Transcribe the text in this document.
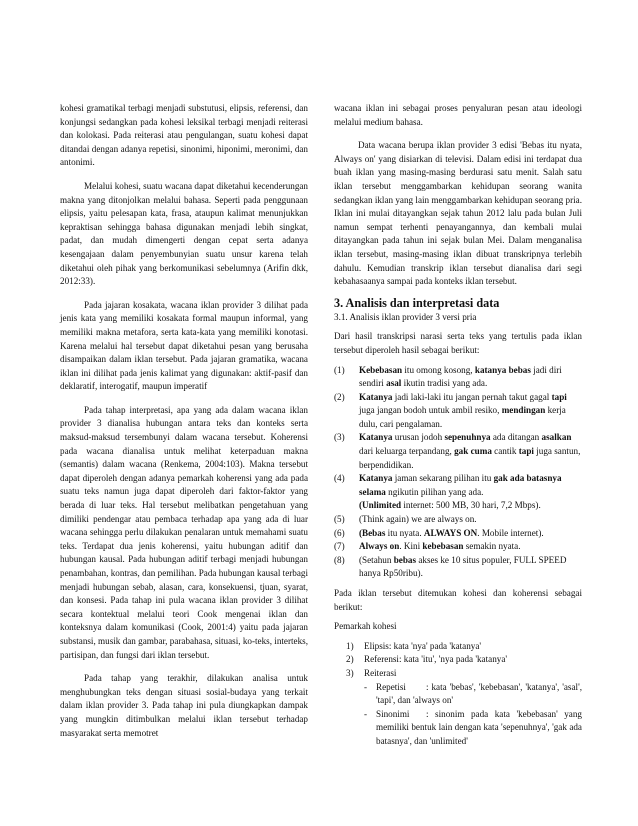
kohesi gramatikal terbagi menjadi substutusi, elipsis, referensi, dan konjungsi sedangkan pada kohesi leksikal terbagi menjadi reiterasi dan kolokasi. Pada reiterasi atau pengulangan, suatu kohesi dapat ditandai dengan adanya repetisi, sinonimi, hiponimi, meronimi, dan antonimi.

Melalui kohesi, suatu wacana dapat diketahui kecenderungan makna yang ditonjolkan melalui bahasa. Seperti pada penggunaan elipsis, yaitu pelesapan kata, frasa, ataupun kalimat menunjukkan kepraktisan sehingga bahasa digunakan menjadi lebih singkat, padat, dan mudah dimengerti dengan cepat serta adanya kesengajaan dalam penyembunyian suatu unsur karena telah diketahui oleh pihak yang berkomunikasi sebelumnya (Arifin dkk, 2012:33).

Pada jajaran kosakata, wacana iklan provider 3 dilihat pada jenis kata yang memiliki kosakata formal maupun informal, yang memiliki makna metafora, serta kata-kata yang memiliki konotasi. Karena melalui hal tersebut dapat diketahui pesan yang berusaha disampaikan dalam iklan tersebut. Pada jajaran gramatika, wacana iklan ini dilihat pada jenis kalimat yang digunakan: aktif-pasif dan deklaratif, interogatif, maupun imperatif

Pada tahap interpretasi, apa yang ada dalam wacana iklan provider 3 dianalisa hubungan antara teks dan konteks serta maksud-maksud tersembunyi dalam wacana tersebut. Koherensi pada wacana dianalisa untuk melihat keterpaduan makna (semantis) dalam wacana (Renkema, 2004:103). Makna tersebut dapat diperoleh dengan adanya pemarkah koherensi yang ada pada suatu teks namun juga dapat diperoleh dari faktor-faktor yang berada di luar teks. Hal tersebut melibatkan pengetahuan yang dimiliki pendengar atau pembaca terhadap apa yang ada di luar wacana sehingga perlu dilakukan penalaran untuk memahami suatu teks. Terdapat dua jenis koherensi, yaitu hubungan aditif dan hubungan kausal. Pada hubungan aditif terbagi menjadi hubungan penambahan, kontras, dan pemilihan. Pada hubungan kausal terbagi menjadi hubungan sebab, alasan, cara, konsekuensi, tjuan, syarat, dan konsesi. Pada tahap ini pula wacana iklan provider 3 dilihat secara kontektual melalui teori Cook mengenai iklan dan konteksnya dalam komunikasi (Cook, 2001:4) yaitu pada jajaran substansi, musik dan gambar, parabahasa, situasi, ko-teks, interteks, partisipan, dan fungsi dari iklan tersebut.

Pada tahap yang terakhir, dilakukan analisa untuk menghubungkan teks dengan situasi sosial-budaya yang terkait dalam iklan provider 3. Pada tahap ini pula diungkapkan dampak yang mungkin ditimbulkan melalui iklan tersebut terhadap masyarakat serta memotret

wacana iklan ini sebagai proses penyaluran pesan atau ideologi melalui medium bahasa.

Data wacana berupa iklan provider 3 edisi 'Bebas itu nyata, Always on' yang disiarkan di televisi. Dalam edisi ini terdapat dua buah iklan yang masing-masing berdurasi satu menit. Salah satu iklan tersebut menggambarkan kehidupan seorang wanita sedangkan iklan yang lain menggambarkan kehidupan seorang pria. Iklan ini mulai ditayangkan sejak tahun 2012 lalu pada bulan Juli namun sempat terhenti penayangannya, dan kembali mulai ditayangkan pada tahun ini sejak bulan Mei. Dalam menganalisa iklan tersebut, masing-masing iklan dibuat transkripnya terlebih dahulu. Kemudian transkrip iklan tersebut dianalisa dari segi kebahasaanya sampai pada konteks iklan tersebut.

3. Analisis dan interpretasi data

3.1. Analisis iklan provider 3 versi pria

Dari hasil transkripsi narasi serta teks yang tertulis pada iklan tersebut diperoleh hasil sebagai berikut:

(1) Kebebasan itu omong kosong, katanya bebas jadi diri sendiri asal ikutin tradisi yang ada.
(2) Katanya jadi laki-laki itu jangan pernah takut gagal tapi juga jangan bodoh untuk ambil resiko, mendingan kerja dulu, cari pengalaman.
(3) Katanya urusan jodoh sepenuhnya ada ditangan asalkan dari keluarga terpandang, gak cuma cantik tapi juga santun, berpendidikan.
(4) Katanya jaman sekarang pilihan itu gak ada batasnya selama ngikutin pilihan yang ada.
(Unlimited internet: 500 MB, 30 hari, 7,2 Mbps).
(5) (Think again) we are always on.
(6) (Bebas itu nyata. ALWAYS ON. Mobile internet).
(7) Always on. Kini kebebasan semakin nyata.
(8) (Setahun bebas akses ke 10 situs populer, FULL SPEED hanya Rp50ribu).

Pada iklan tersebut ditemukan kohesi dan koherensi sebagai berikut:

Pemarkah kohesi

1) Elipsis: kata 'nya' pada 'katanya'
2) Referensi: kata 'itu', 'nya pada 'katanya'
3) Reiterasi
- Repetisi : kata 'bebas', 'kebebasan', 'katanya', 'asal', 'tapi', dan 'always on'
- Sinonimi : sinonim pada kata 'kebebasan' yang memiliki bentuk lain dengan kata 'sepenuhnya', 'gak ada batasnya', dan 'unlimited'
